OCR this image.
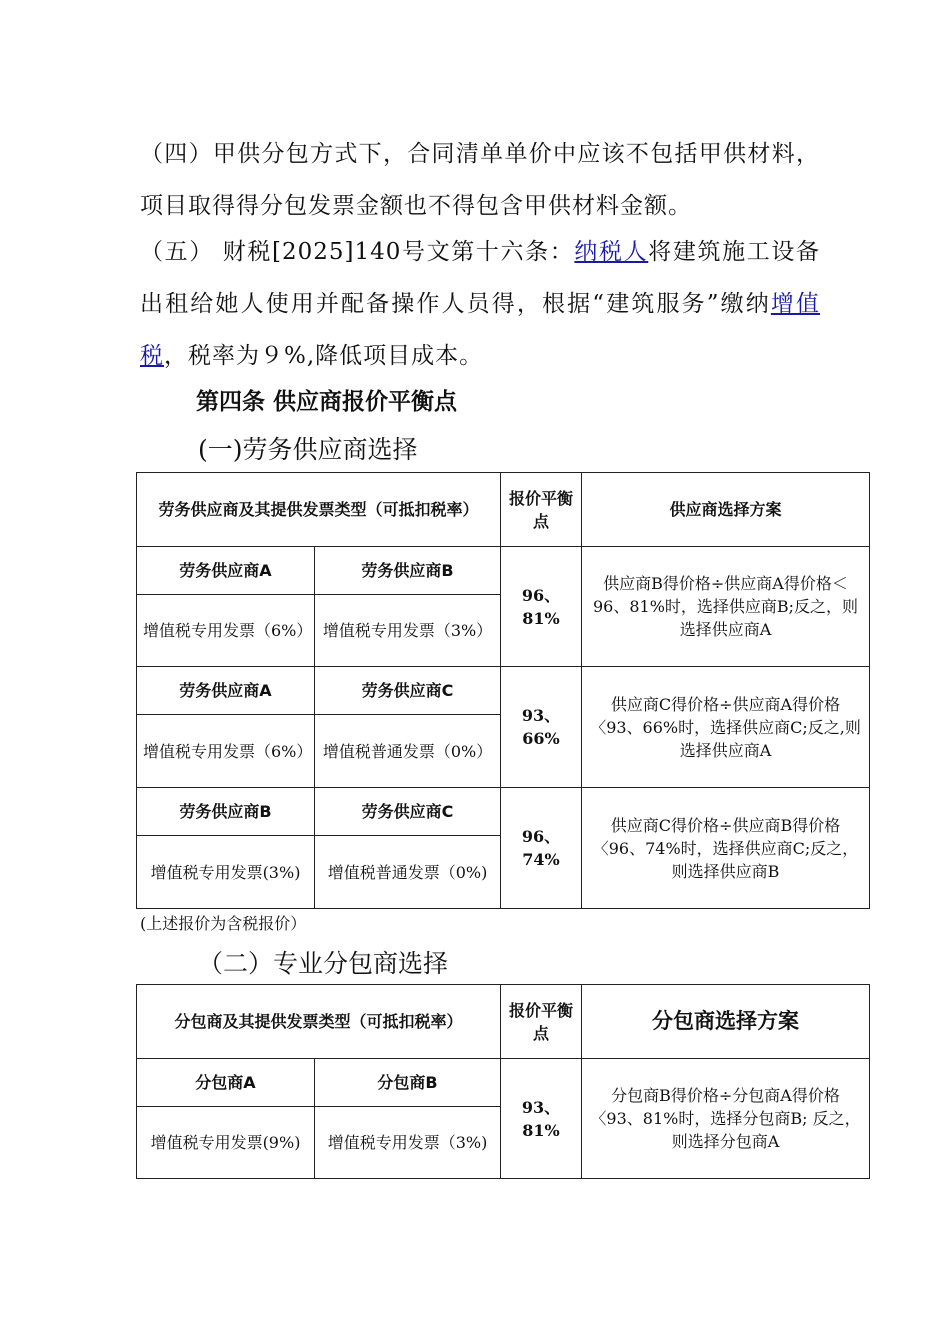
（四）甲供分包方式下，合同清单单价中应该不包括甲供材料，项目取得得分包发票金额也不得包含甲供材料金额。

（五） 财税[2025]140号文第十六条：纳税人将建筑施工设备出租给她人使用并配备操作人员得，根据“建筑服务”缴纳增值税，税率为９%,降低项目成本。

第四条 供应商报价平衡点

(一)劳务供应商选择

劳务供应商及其提供发票类型（可抵扣税率）		报价平衡点	供应商选择方案
劳务供应商A	劳务供应商B	96、81%	供应商B得价格÷供应商A得价格＜96、81%时，选择供应商B;反之，则选择供应商A
增值税专用发票（6%）	增值税专用发票（3%）		
劳务供应商A	劳务供应商C	93、66%	供应商C得价格÷供应商A得价格〈93、66%时，选择供应商C;反之,则选择供应商A
增值税专用发票（6%）	增值税普通发票（0%）		
劳务供应商B	劳务供应商C	96、74%	供应商C得价格÷供应商B得价格〈96、74%时，选择供应商C;反之，则选择供应商B
增值税专用发票(3%)	增值税普通发票（0%)		

(上述报价为含税报价）

（二）专业分包商选择

分包商及其提供发票类型（可抵扣税率）		报价平衡点	分包商选择方案
分包商A	分包商B	93、81%	分包商B得价格÷分包商A得价格〈93、81%时，选择分包商B; 反之，则选择分包商A
增值税专用发票(9%)	增值税专用发票（3%)		
